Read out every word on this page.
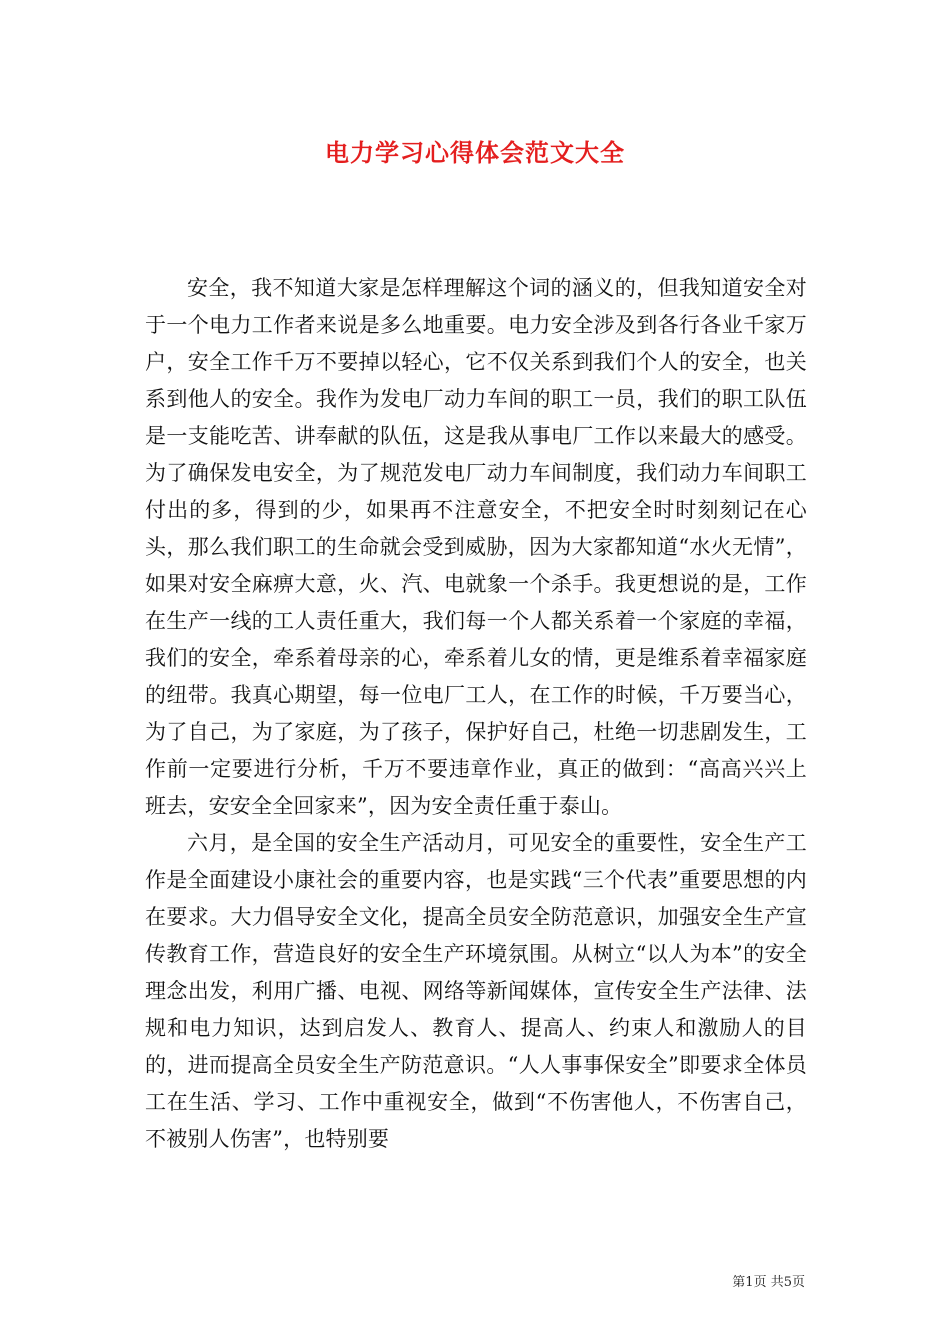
电力学习心得体会范文大全

安全，我不知道大家是怎样理解这个词的涵义的，但我知道安全对于一个电力工作者来说是多么地重要。电力安全涉及到各行各业千家万户，安全工作千万不要掉以轻心，它不仅关系到我们个人的安全，也关系到他人的安全。我作为发电厂动力车间的职工一员，我们的职工队伍是一支能吃苦、讲奉献的队伍，这是我从事电厂工作以来最大的感受。为了确保发电安全，为了规范发电厂动力车间制度，我们动力车间职工付出的多，得到的少，如果再不注意安全，不把安全时时刻刻记在心头，那么我们职工的生命就会受到威胁，因为大家都知道“水火无情”，如果对安全麻痹大意，火、汽、电就象一个杀手。我更想说的是，工作在生产一线的工人责任重大，我们每一个人都关系着一个家庭的幸福，我们的安全，牵系着母亲的心，牵系着儿女的情，更是维系着幸福家庭的纽带。我真心期望，每一位电厂工人，在工作的时候，千万要当心，为了自己，为了家庭，为了孩子，保护好自己，杜绝一切悲剧发生，工作前一定要进行分析，千万不要违章作业，真正的做到：“高高兴兴上班去，安安全全回家来”，因为安全责任重于泰山。

六月，是全国的安全生产活动月，可见安全的重要性，安全生产工作是全面建设小康社会的重要内容，也是实践“三个代表”重要思想的内在要求。大力倡导安全文化，提高全员安全防范意识，加强安全生产宣传教育工作，营造良好的安全生产环境氛围。从树立“以人为本”的安全理念出发，利用广播、电视、网络等新闻媒体，宣传安全生产法律、法规和电力知识，达到启发人、教育人、提高人、约束人和激励人的目的，进而提高全员安全生产防范意识。“人人事事保安全”即要求全体员工在生活、学习、工作中重视安全，做到“不伤害他人，不伤害自己，不被别人伤害”，也特别要

第1页 共5页
